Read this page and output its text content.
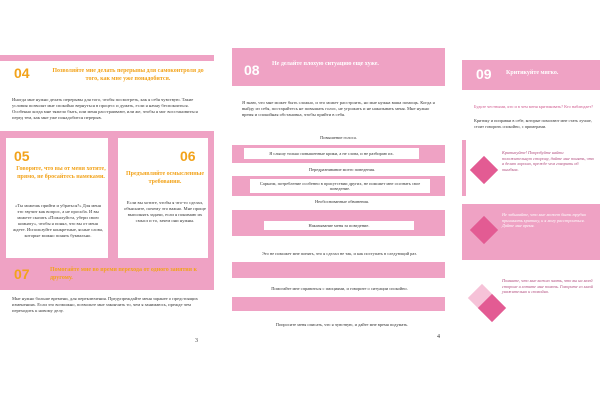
04	Позволяйте мне делать перерывы для самоконтроля до того, как мне уже понадобится.

Иногда мне нужно делать перерывы для того, чтобы посмотреть, как я себя чувствую. Такие условия позволят мне спокойно вернуться в процесс и думать, если я начну беспокоиться. Особенно когда мне тяжело быть, или меня расстраивают, или же, чтобы я мог восстановиться перед тем, как мне уже понадобится перерыв.

05
Говорите, что вы от меня хотите, прямо, не бросайтесь намеками.

«Ты можешь прийти и убраться?» Для меня это звучит как вопрос, а не просьба. И вы можете сказать «Пожалуйста, убери свою комнату», чтобы я понял, что вы от меня ждете. Используйте конкретные, ясные слова, которые можно понять буквально.

06
Предъявляйте осмысленные требования.

Если вы хотите, чтобы я что-то сделал, объясните, почему это важно. Мне проще выполнять задачи, если я понимаю их смысл и то, зачем они нужны.

07	Помогайте мне во время перехода от одного занятия к другому.

Мне нужно больше времени, для переключения. Предупреждайте меня заранее о предстоящих изменениях. Если это возможно, позвольте мне закончить то, чем я занимаюсь, прежде чем переходить к новому делу.

3
08 Не делайте плохую ситуацию еще хуже.

Я знаю, что мне может быть сложно, и это может расстроить, но мне нужна ваша помощь. Когда я выйду из себя, постарайтесь не повышать голос, не угрожать и не наказывать меня. Мне нужно время и спокойная обстановка, чтобы прийти в себя.

Повышение голоса.
Я слышу только повышенные крики, а не слова, и не разбираю их.
Передразнивание моего поведения.
Сарказм, потребление особенно в присутствии других, не поможет мне осознать свое поведение.
Необоснованные обвинения.
Наказывание меня за поведение.
Это не поможет мне понять, что я сделал не так, и как поступать в следующий раз.
Помогайте мне справиться с эмоциями, и говорите о ситуации спокойно.
Попросите меня описать, что я чувствую, и дайте мне время подумать.
4
09 Критикуйте мягко.

Будьте честными, кто и в чем меня критиковать? Кто наблюдает?

Критику и поправки в себе, которые помогают мне стать лучше, стоит говорить спокойно, с примерами.

Критикуйте! Попробуйте найти положительную сторону, дайте мне понять, что я делаю хорошо, прежде чем говорить об ошибках.

Не забывайте, что мне может быть трудно принимать критику, и я могу расстроиться. Дайте мне время.

Помните, что мне важно знать, что вы на моей стороне и хотите мне помочь. Говорите со мной уважительно и спокойно.
